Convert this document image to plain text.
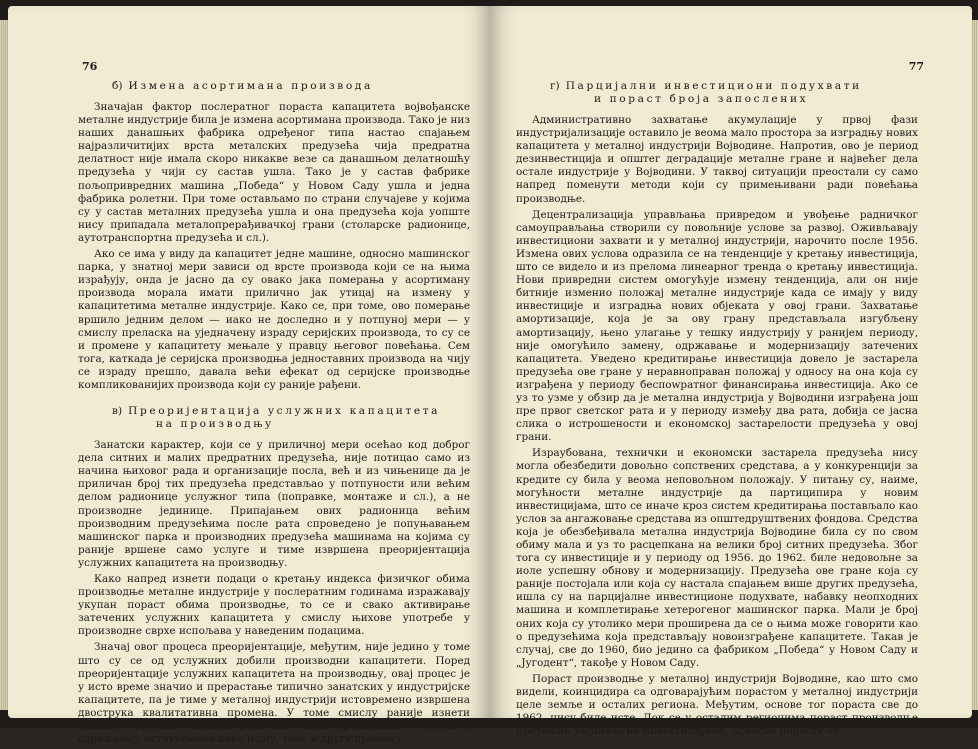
76
б) Измена асортимана производа

Значајан фактор послератног пораста капацитета војвођанске металне индустрије била је измена асортимана производа. Тако је низ наших данашњих фабрика одређеног типа настао спајањем најразличитијих врста металских предузећа чија предратна делатност није имала скоро никакве везе са данашњом делатношћу предузећа у чији су састав ушла. Тако је у састав фабрике пољопривредних машина „Победа“ у Новом Саду ушла и једна фабрика ролетни. При томе остављамо по страни случајеве у којима су у састав металних предузећа ушла и она предузећа која уопште нису припадала металопрерађивачкој грани (столарске радионице, аутотранспортна предузећа и сл.).

Ако се има у виду да капацитет једне машине, односно машинског парка, у знатној мери зависи од врсте производа који се на њима израђују, онда је јасно да су овако јака померања у асортиману производа морала имати прилично јак утицај на измену у капацитетима металне индустрије. Како се, при томе, ово померање вршило једним делом — иако не доследно и у потпуној мери — у смислу преласка на уједначену израду серијских производа, то су се и промене у капацитету мењале у правцу његовог повећања. Сем тога, каткада је серијска производња једноставних производа на чију се израду прешло, давала већи ефекат од серијске производње компликованијих производа који су раније рађени.

в) Преоријентација услужних капацитета
на производњу

Занатски карактер, који се у приличној мери осећао код доброг дела ситних и малих предратних предузећа, није потицао само из начина њиховог рада и организације посла, већ и из чињенице да је приличан број тих предузећа представљао у потпуности или већим делом радионице услужног типа (поправке, монтаже и сл.), а не производне јединице. Припајањем ових радионица већим производним предузећима после рата спроведено је попуњавањем машинског парка и производних предузећа машинама на којима су раније вршене само услуге и тиме извршена преоријентација услужних капацитета на производњу.

Како напред изнети подаци о кретању индекса физичког обима производње металне индустрије у послератним годинама изражавају укупан пораст обима производње, то се и свако активирање затечених услужних капацитета у смислу њихове употребе у производне сврхе испољава у наведеним подацима.

Значај овог процеса преоријентације, међутим, није једино у томе што су се од услужних добили производни капацитети. Поред преоријентације услужних капацитета на производњу, овај процес је у исто време значио и прерастање типично занатских у индустријске капацитете, па је тиме у металној индустрији истовремено извршена двострука квалитативна промена. У томе смислу раније изнети подаци о кретању индекса физичког обима производње у табели 5 одражавају истовремено како једну, тако и другу промену.

77
г) Парцијални инвестициони подухвати
и пораст броја запослених

Административно захватање акумулације у првој фази индустријализације оставило је веома мало простора за изградњу нових капацитета у металној индустрији Војводине. Напротив, ово је период дезинвестиција и општег деградације металне гране и највећег дела остале индустрије у Војводини. У таквој ситуацији преостали су само напред поменути методи који су примењивани ради повећања производње.

Децентрализација управљања привредом и увођење радничког самоуправљања створили су повољније услове за развој. Оживљавају инвестициони захвати и у металној индустрији, нарочито после 1956. Измена ових услова одразила се на тенденције у кретању инвестиција, што се видело и из прелома линеарног тренда о кретању инвестиција. Нови привредни систем омогућује измену тенденција, али он није битније изменио положај металне индустрије када се имају у виду инвестиције и изградња нових објеката у овој грани. Захватање амортизације, која је за ову грану представљала изгубљену амортизацију, њено улагање у тешку индустрију у ранијем периоду, није омогућило замену, одржавање и модернизацију затечених капацитета. Уведено кредитирање инвестиција довело је застарела предузећа ове гране у неравноправан положај у односу на она која су изграђена у периоду беспowратног финансирања инвестиција. Ако се уз то узме у обзир да је метална индустрија у Војводини изграђена још пре првог светског рата и у периоду између два рата, добија се јасна слика о истрошености и економској застарелости предузећа у овој грани.

Израубована, технички и економски застарела предузећа нису могла обезбедити довољно сопствених средстава, а у конкуренцији за кредите су била у веома неповољном положају. У питању су, наиме, могућности металне индустрије да партиципира у новим инвестицијама, што се иначе кроз систем кредитирања постављало као услов за ангажовање средстава из општедруштвених фондова. Средства која је обезбеђивала метална индустрија Војводине била су по свом обиму мала и уз то расцепкана на велики број ситних предузећа. Због тога су инвестиције и у периоду од 1956. до 1962. биле недовољне за иоле успешну обнову и модернизацију. Предузећа ове гране која су раније постојала или која су настала спајањем више других предузећа, ишла су на парцијалне инвестиционе подухвате, набавку неопходних машина и комплетирање хетерогеног машинског парка. Мали је број оних која су утолико мери проширена да се о њима може говорити као о предузећима која представљају новоизграђене капацитете. Такав је случај, све до 1960, био једино са фабриком „Победа“ у Новом Саду и „Југодент“, такође у Новом Саду.

Пораст производње у металној индустрији Војводине, као што смо видели, коинцидира са одговарајућим порастом у металној индустрији целе земље и осталих региона. Међутим, основе тог пораста све до 1962. нису биле исте. Док се у осталим регионима пораст производње претежно заснивао на инвестицијама, односно порасту ос-
